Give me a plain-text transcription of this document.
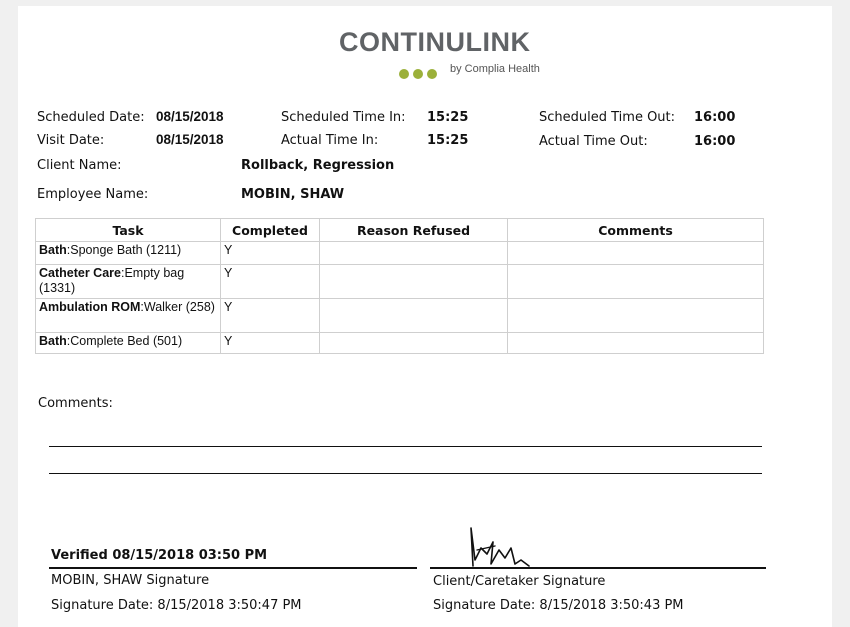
CONTINULINK
by Complia Health
Scheduled Date: 08/15/2018
Visit Date:	08/15/2018
Scheduled Time In: 15:25
Actual Time In:	15:25
Scheduled Time Out: 16:00
Actual Time Out:	16:00
Client Name:	Rollback, Regression
Employee Name:	MOBIN, SHAW
Task	Completed	Reason Refused	Comments
Bath:Sponge Bath (1211)	Y		
Catheter Care:Empty bag (1331)	Y		
Ambulation ROM:Walker (258)	Y		
Bath:Complete Bed (501)	Y		
Comments:
Verified 08/15/2018 03:50 PM
MOBIN, SHAW Signature
Signature Date: 8/15/2018 3:50:47 PM
Client/Caretaker Signature
Signature Date: 8/15/2018 3:50:43 PM
